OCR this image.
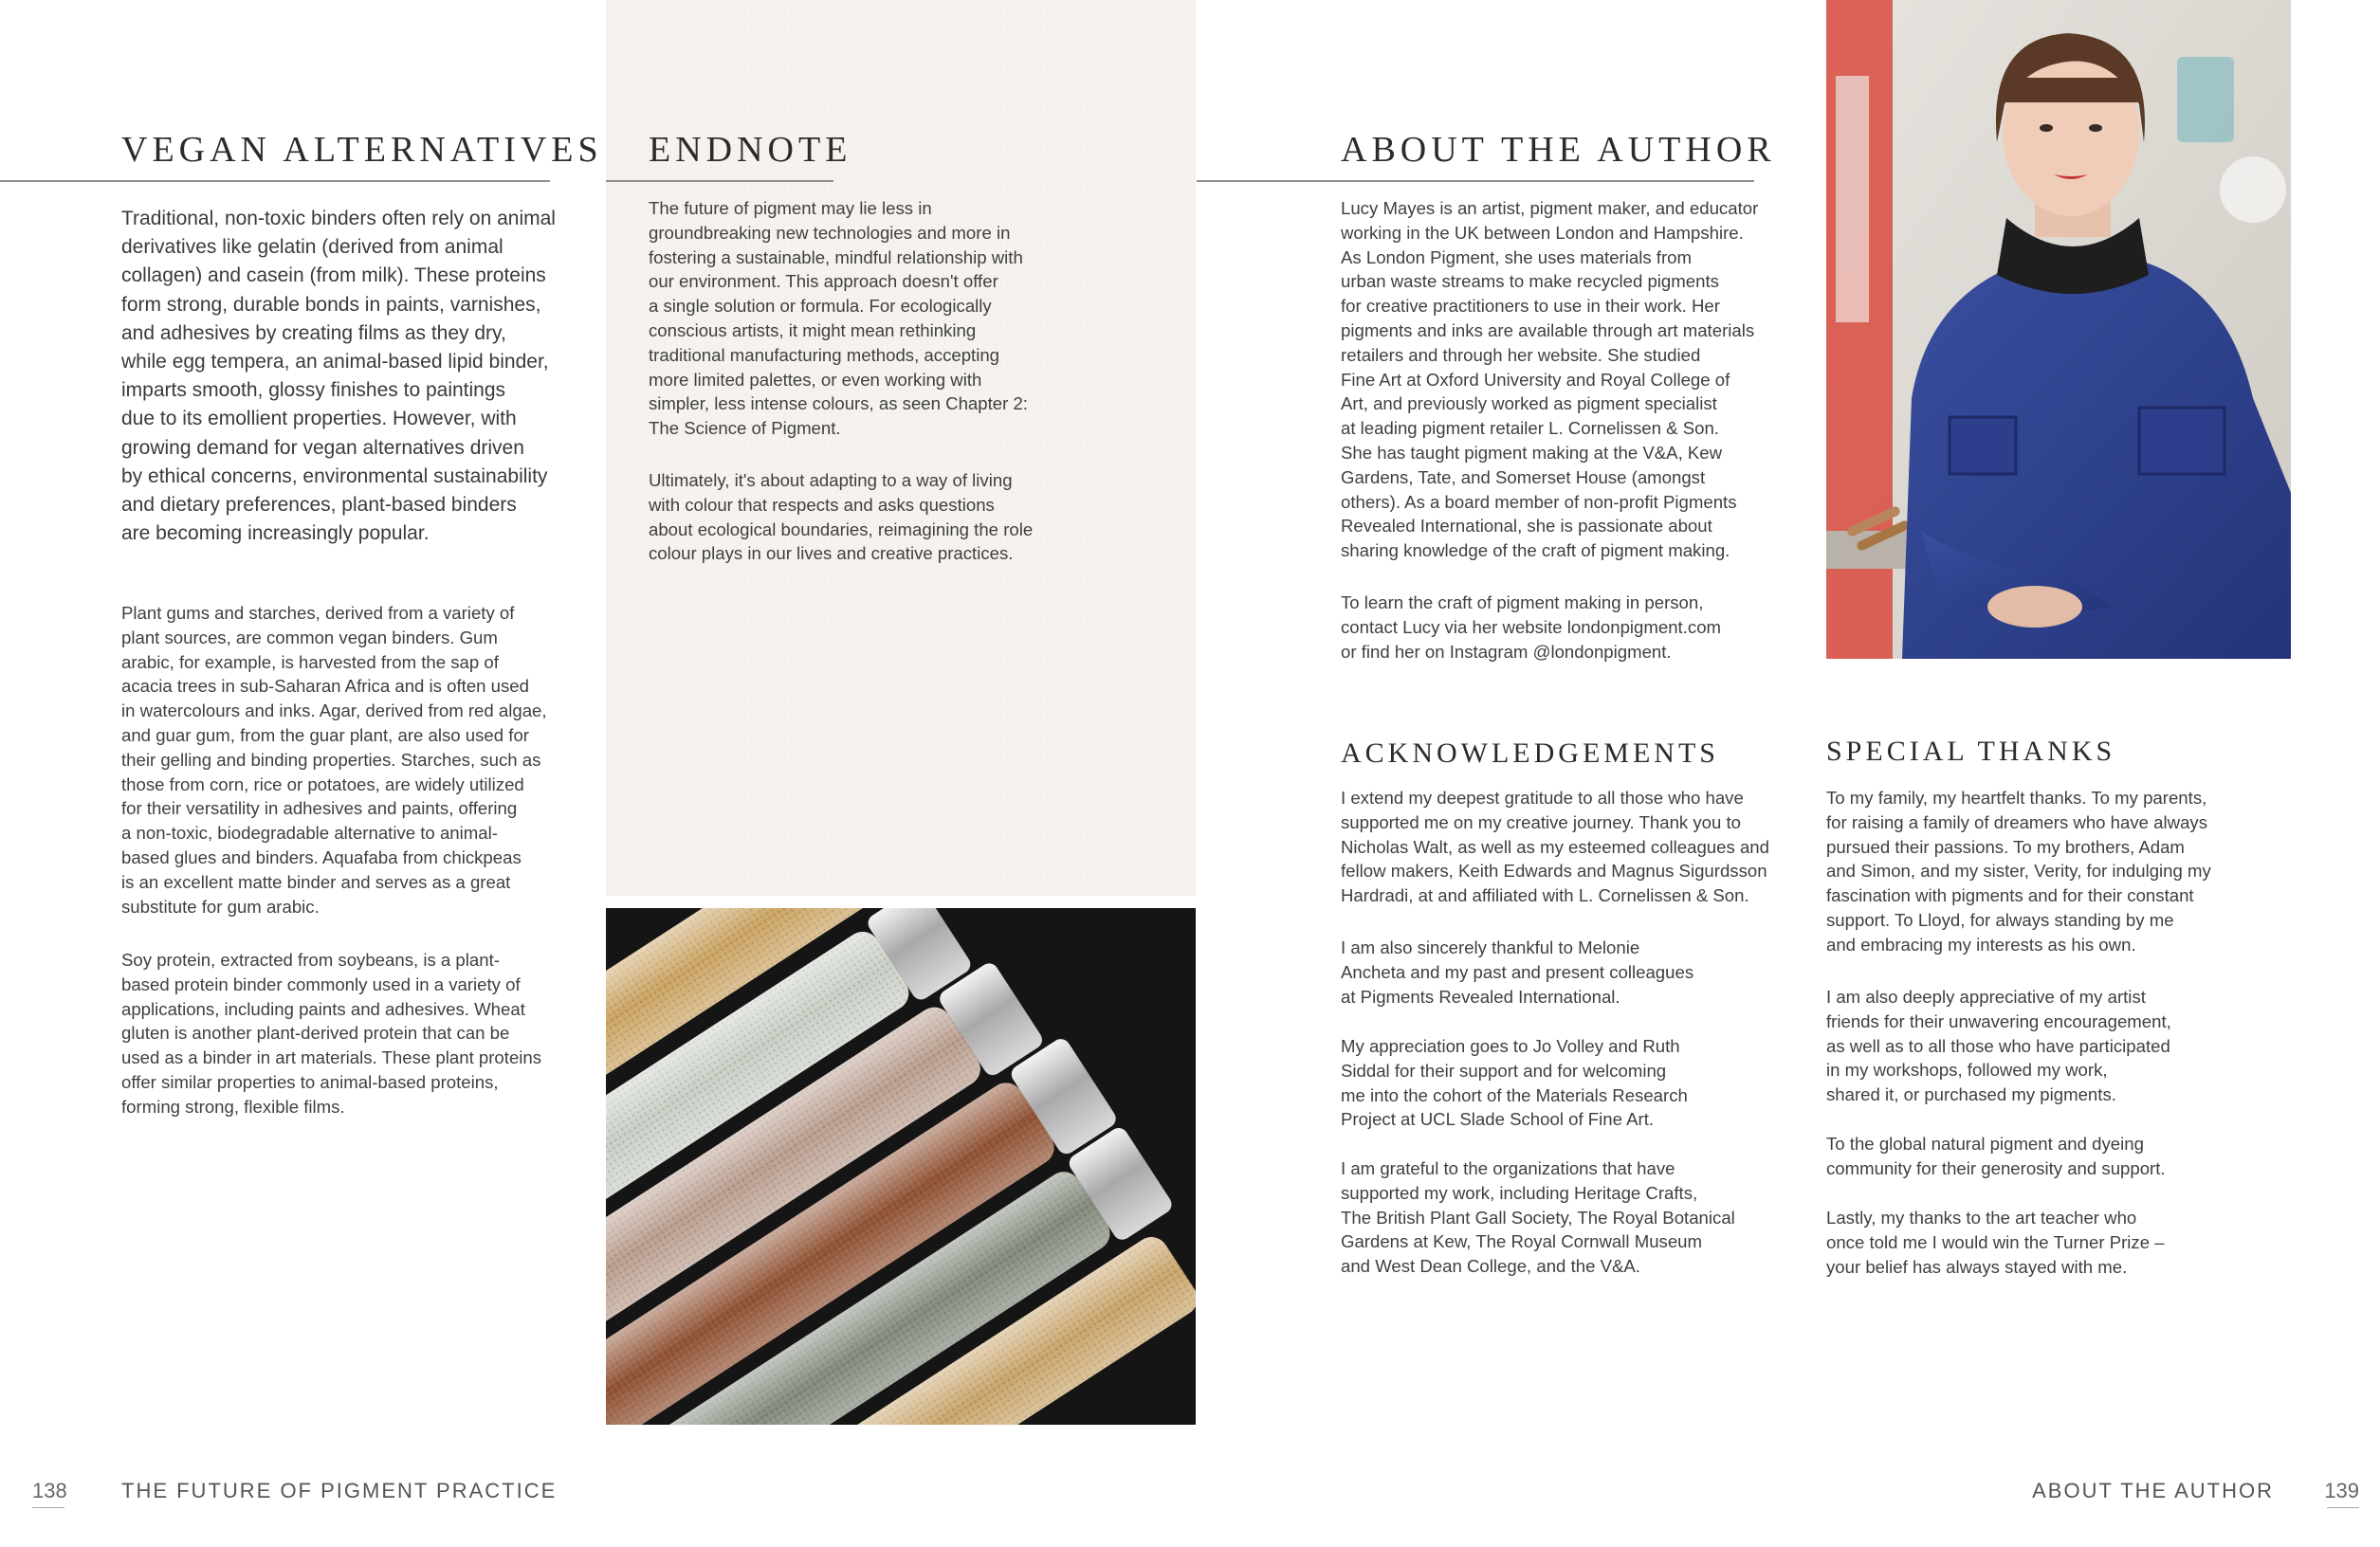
VEGAN ALTERNATIVES

Traditional, non-toxic binders often rely on animal
derivatives like gelatin (derived from animal
collagen) and casein (from milk). These proteins
form strong, durable bonds in paints, varnishes,
and adhesives by creating films as they dry,
while egg tempera, an animal-based lipid binder,
imparts smooth, glossy finishes to paintings
due to its emollient properties. However, with
growing demand for vegan alternatives driven
by ethical concerns, environmental sustainability
and dietary preferences, plant-based binders
are becoming increasingly popular.

Plant gums and starches, derived from a variety of
plant sources, are common vegan binders. Gum
arabic, for example, is harvested from the sap of
acacia trees in sub-Saharan Africa and is often used
in watercolours and inks. Agar, derived from red algae,
and guar gum, from the guar plant, are also used for
their gelling and binding properties. Starches, such as
those from corn, rice or potatoes, are widely utilized
for their versatility in adhesives and paints, offering
a non-toxic, biodegradable alternative to animal-
based glues and binders. Aquafaba from chickpeas
is an excellent matte binder and serves as a great
substitute for gum arabic.

Soy protein, extracted from soybeans, is a plant-
based protein binder commonly used in a variety of
applications, including paints and adhesives. Wheat
gluten is another plant-derived protein that can be
used as a binder in art materials. These plant proteins
offer similar properties to animal-based proteins,
forming strong, flexible films.

ENDNOTE

The future of pigment may lie less in
groundbreaking new technologies and more in
fostering a sustainable, mindful relationship with
our environment. This approach doesn't offer
a single solution or formula. For ecologically
conscious artists, it might mean rethinking
traditional manufacturing methods, accepting
more limited palettes, or even working with
simpler, less intense colours, as seen Chapter 2:
The Science of Pigment.

Ultimately, it's about adapting to a way of living
with colour that respects and asks questions
about ecological boundaries, reimagining the role
colour plays in our lives and creative practices.

138	THE FUTURE OF PIGMENT PRACTICE
ABOUT THE AUTHOR

Lucy Mayes is an artist, pigment maker, and educator
working in the UK between London and Hampshire.
As London Pigment, she uses materials from
urban waste streams to make recycled pigments
for creative practitioners to use in their work. Her
pigments and inks are available through art materials
retailers and through her website. She studied
Fine Art at Oxford University and Royal College of
Art, and previously worked as pigment specialist
at leading pigment retailer L. Cornelissen & Son.
She has taught pigment making at the V&A, Kew
Gardens, Tate, and Somerset House (amongst
others). As a board member of non-profit Pigments
Revealed International, she is passionate about
sharing knowledge of the craft of pigment making.

To learn the craft of pigment making in person,
contact Lucy via her website londonpigment.com
or find her on Instagram @londonpigment.

ACKNOWLEDGEMENTS

I extend my deepest gratitude to all those who have
supported me on my creative journey. Thank you to
Nicholas Walt, as well as my esteemed colleagues and
fellow makers, Keith Edwards and Magnus Sigurdsson
Hardradi, at and affiliated with L. Cornelissen & Son.

I am also sincerely thankful to Melonie
Ancheta and my past and present colleagues
at Pigments Revealed International.

My appreciation goes to Jo Volley and Ruth
Siddal for their support and for welcoming
me into the cohort of the Materials Research
Project at UCL Slade School of Fine Art.

I am grateful to the organizations that have
supported my work, including Heritage Crafts,
The British Plant Gall Society, The Royal Botanical
Gardens at Kew, The Royal Cornwall Museum
and West Dean College, and the V&A.

SPECIAL THANKS

To my family, my heartfelt thanks. To my parents,
for raising a family of dreamers who have always
pursued their passions. To my brothers, Adam
and Simon, and my sister, Verity, for indulging my
fascination with pigments and for their constant
support. To Lloyd, for always standing by me
and embracing my interests as his own.

I am also deeply appreciative of my artist
friends for their unwavering encouragement,
as well as to all those who have participated
in my workshops, followed my work,
shared it, or purchased my pigments.

To the global natural pigment and dyeing
community for their generosity and support.

Lastly, my thanks to the art teacher who
once told me I would win the Turner Prize –
your belief has always stayed with me.

ABOUT THE AUTHOR 139
